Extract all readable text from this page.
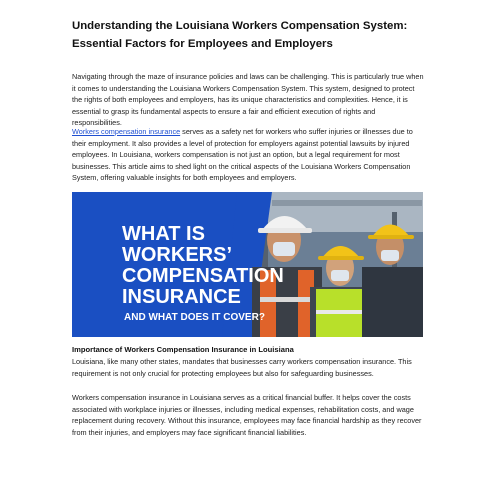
Understanding the Louisiana Workers Compensation System: Essential Factors for Employees and Employers

Navigating through the maze of insurance policies and laws can be challenging. This is particularly true when it comes to understanding the Louisiana Workers Compensation System. This system, designed to protect the rights of both employees and employers, has its unique characteristics and complexities. Hence, it is essential to grasp its fundamental aspects to ensure a fair and efficient execution of rights and responsibilities.

Workers compensation insurance serves as a safety net for workers who suffer injuries or illnesses due to their employment. It also provides a level of protection for employers against potential lawsuits by injured employees. In Louisiana, workers compensation is not just an option, but a legal requirement for most businesses. This article aims to shed light on the critical aspects of the Louisiana Workers Compensation System, offering valuable insights for both employees and employers.

WHAT IS
WORKERS’
COMPENSATION
INSURANCE
AND WHAT DOES IT COVER?
Importance of Workers Compensation Insurance in Louisiana

Louisiana, like many other states, mandates that businesses carry workers compensation insurance. This requirement is not only crucial for protecting employees but also for safeguarding businesses.

Workers compensation insurance in Louisiana serves as a critical financial buffer. It helps cover the costs associated with workplace injuries or illnesses, including medical expenses, rehabilitation costs, and wage replacement during recovery. Without this insurance, employees may face financial hardship as they recover from their injuries, and employers may face significant financial liabilities.
